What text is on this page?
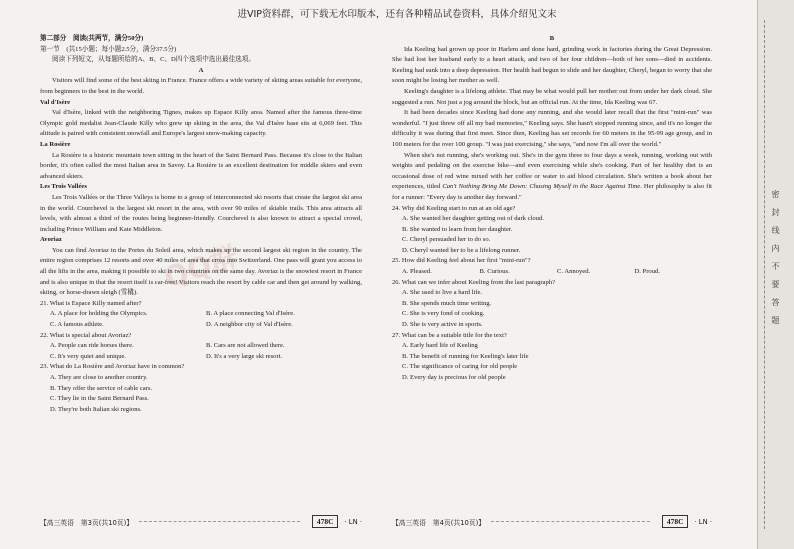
进VIP资料群，可下载无水印版本，还有各种精品试卷资料，具体介绍见文末
QQ群

第二部分　阅读(共两节，满分50分)

第一节　(共15小题；每小题2.5分，满分37.5分)

阅读下列短文，从每题所给的A、B、C、D四个选项中选出最佳选项。

A

Visitors will find some of the best skiing in France. France offers a wide variety of skiing areas suitable for everyone, from beginners to the best in the world.

Val d'Isère

Val d'Isère, linked with the neighboring Tignes, makes up Espace Killy area. Named after the famous three-time Olympic gold medalist Jean-Claude Killy who grew up skiing in the area, the Val d'Isère base sits at 6,069 feet. This altitude is paired with consistent snowfall and Europe's largest snow-making capacity.

La Rosière

La Rosière is a historic mountain town sitting in the heart of the Saint Bernard Pass. Because it's close to the Italian border, it's often called the most Italian area in Savoy. La Rosière is an excellent destination for middle skiers and even advanced skiers.

Les Trois Vallées

Les Trois Vallées or the Three Valleys is home to a group of interconnected ski resorts that create the largest ski area in the world. Courchevel is the largest ski resort in the area, with over 90 miles of skiable trails. This area attracts all levels, with almost a third of the routes being beginner-friendly. Courchevel is also known to attract a special crowd, including Prince William and Kate Middleton.

Avoriaz

You can find Avoriaz in the Portes du Soleil area, which makes up the second largest ski region in the country. The entire region comprises 12 resorts and over 40 miles of area that cross into Switzerland. One pass will grant you access to all the lifts in the area, making it possible to ski in two countries on the same day. Avoriaz is the snowiest resort in France and is also unique in that the resort itself is car-free! Visitors reach the resort by cable car and then get around by walking, skiing, or horse-drawn sleigh (雪橇).

21. What is Espace Killy named after?

A. A place for holding the Olympics.	B. A place connecting Val d'Isère.
C. A famous athlete.	D. A neighbor city of Val d'Isère.

22. What is special about Avoriaz?

A. People can ride horses there.	B. Cars are not allowed there.
C. It's very quiet and unique.	D. It's a very large ski resort.

23. What do La Rosière and Avoriaz have in common?

A. They are close to another country.
B. They offer the service of cable cars.
C. They lie in the Saint Bernard Pass.
D. They're both Italian ski regions.

B

Ida Keeling had grown up poor in Harlem and done hard, grinding work in factories during the Great Depression. She had lost her husband early to a heart attack, and two of her four children—both of her sons—died in accidents. Keeling had sunk into a deep depression. Her health had begun to slide and her daughter, Cheryl, began to worry that she soon might be losing her mother as well.

Keeling's daughter is a lifelong athlete. That may be what would pull her mother out from under her dark cloud. She suggested a run. Not just a jog around the block, but an official run. At the time, Ida Keeling was 67.

It had been decades since Keeling had done any running, and she would later recall that the first "mini-run" was wonderful. "I just threw off all my bad memories," Keeling says. She hasn't stopped running since, and it's no longer the difficulty it was during that first meet. Since then, Keeling has set records for 60 meters in the 95-99 age group, and in 100 meters for the over 100 group. "I was just exercising," she says, "and now I'm all over the world."

When she's not running, she's working out. She's in the gym three to four days a week, running, working out with weights and pedaling on the exercise bike—and even exercising while she's cooking. Part of her healthy diet is an occasional dose of red wine mixed with her coffee or water to aid blood circulation. She's written a book about her experiences, titled Can't Nothing Bring Me Down: Chasing Myself in the Race Against Time. Her philosophy is also fit for a runner: "Every day is another day forward."

24. Why did Keeling start to run at an old age?

A. She wanted her daughter getting out of dark cloud.
B. She wanted to learn from her daughter.
C. Cheryl persuaded her to do so.
D. Cheryl wanted her to be a lifelong runner.

25. How did Keeling feel about her first "mini-run"?

A. Pleased.	B. Curious.	C. Annoyed.	D. Proud.

26. What can we infer about Keeling from the last paragraph?

A. She used to live a hard life.
B. She spends much time writing.
C. She is very fond of cooking.
D. She is very active in sports.

27. What can be a suitable title for the text?

A. Early hard life of Keeling
B. The benefit of running for Keeling's later life
C. The significance of caring for old people
D. Every day is precious for old people
【高三英语　第3页(共10页)】	478C	· LN ·	【高三英语　第4页(共10页)】	478C	· LN ·
密封线内不要答题
